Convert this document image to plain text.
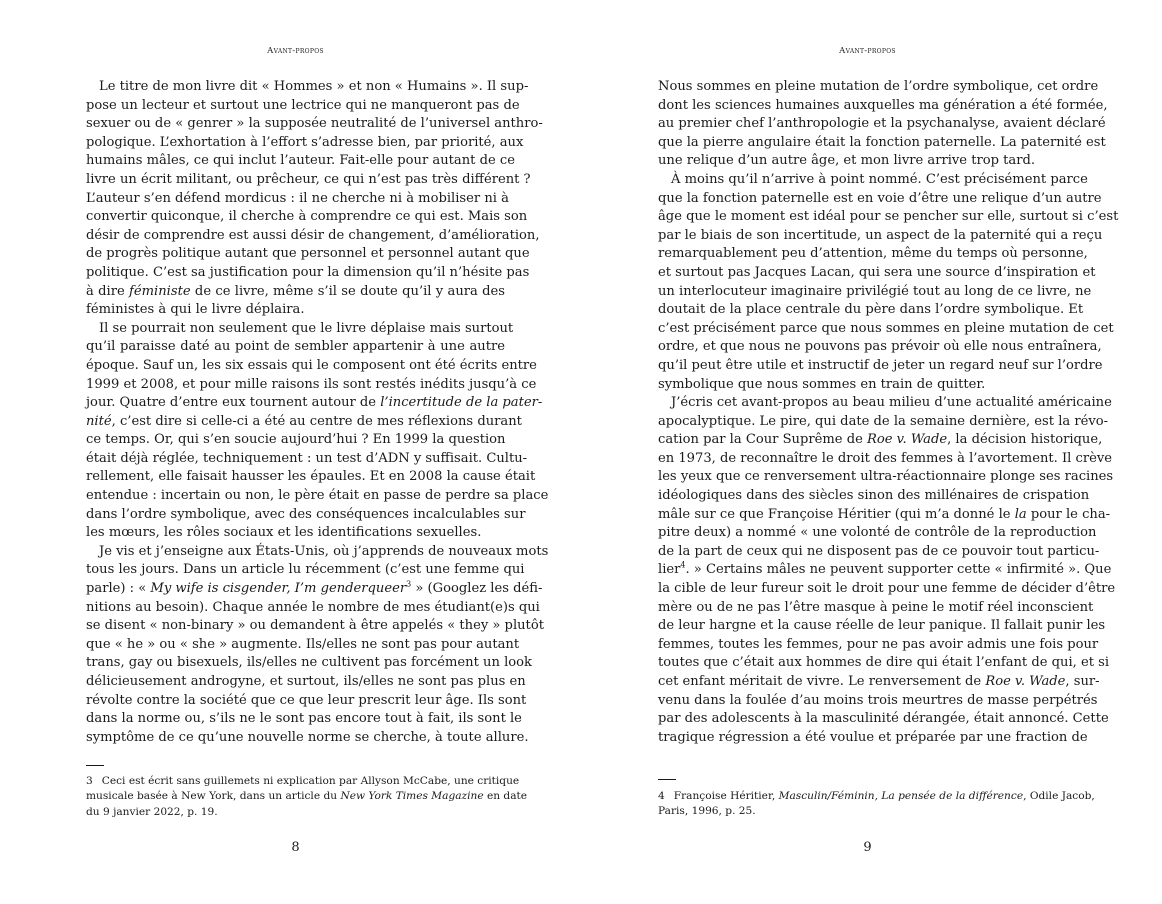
Avant-propos

Le titre de mon livre dit « Hommes » et non « Humains ». Il sup-
pose un lecteur et surtout une lectrice qui ne manqueront pas de
sexuer ou de « genrer » la supposée neutralité de l’universel anthro-
pologique. L’exhortation à l’effort s’adresse bien, par priorité, aux
humains mâles, ce qui inclut l’auteur. Fait-elle pour autant de ce
livre un écrit militant, ou prêcheur, ce qui n’est pas très différent ?
L’auteur s’en défend mordicus : il ne cherche ni à mobiliser ni à
convertir quiconque, il cherche à comprendre ce qui est. Mais son
désir de comprendre est aussi désir de changement, d’amélioration,
de progrès politique autant que personnel et personnel autant que
politique. C’est sa justification pour la dimension qu’il n’hésite pas
à dire féministe de ce livre, même s’il se doute qu’il y aura des
féministes à qui le livre déplaira.

Il se pourrait non seulement que le livre déplaise mais surtout
qu’il paraisse daté au point de sembler appartenir à une autre
époque. Sauf un, les six essais qui le composent ont été écrits entre
1999 et 2008, et pour mille raisons ils sont restés inédits jusqu’à ce
jour. Quatre d’entre eux tournent autour de l’incertitude de la pater-
nité, c’est dire si celle-ci a été au centre de mes réflexions durant
ce temps. Or, qui s’en soucie aujourd’hui ? En 1999 la question
était déjà réglée, techniquement : un test d’ADN y suffisait. Cultu-
rellement, elle faisait hausser les épaules. Et en 2008 la cause était
entendue : incertain ou non, le père était en passe de perdre sa place
dans l’ordre symbolique, avec des conséquences incalculables sur
les mœurs, les rôles sociaux et les identifications sexuelles.

Je vis et j’enseigne aux États-Unis, où j’apprends de nouveaux mots
tous les jours. Dans un article lu récemment (c’est une femme qui
parle) : « My wife is cisgender, I’m genderqueer$^3$ » (Googlez les défi-
nitions au besoin). Chaque année le nombre de mes étudiant(e)s qui
se disent « non-binary » ou demandent à être appelés « they » plutôt
que « he » ou « she » augmente. Ils/elles ne sont pas pour autant
trans, gay ou bisexuels, ils/elles ne cultivent pas forcément un look
délicieusement androgyne, et surtout, ils/elles ne sont pas plus en
révolte contre la société que ce que leur prescrit leur âge. Ils sont
dans la norme ou, s’ils ne le sont pas encore tout à fait, ils sont le
symptôme de ce qu’une nouvelle norme se cherche, à toute allure.

3 Ceci est écrit sans guillemets ni explication par Allyson McCabe, une critique
musicale basée à New York, dans un article du New York Times Magazine en date
du 9 janvier 2022, p. 19.
8
Avant-propos

Nous sommes en pleine mutation de l’ordre symbolique, cet ordre
dont les sciences humaines auxquelles ma génération a été formée,
au premier chef l’anthropologie et la psychanalyse, avaient déclaré
que la pierre angulaire était la fonction paternelle. La paternité est
une relique d’un autre âge, et mon livre arrive trop tard.

À moins qu’il n’arrive à point nommé. C’est précisément parce
que la fonction paternelle est en voie d’être une relique d’un autre
âge que le moment est idéal pour se pencher sur elle, surtout si c’est
par le biais de son incertitude, un aspect de la paternité qui a reçu
remarquablement peu d’attention, même du temps où personne,
et surtout pas Jacques Lacan, qui sera une source d’inspiration et
un interlocuteur imaginaire privilégié tout au long de ce livre, ne
doutait de la place centrale du père dans l’ordre symbolique. Et
c’est précisément parce que nous sommes en pleine mutation de cet
ordre, et que nous ne pouvons pas prévoir où elle nous entraînera,
qu’il peut être utile et instructif de jeter un regard neuf sur l’ordre
symbolique que nous sommes en train de quitter.

J’écris cet avant-propos au beau milieu d’une actualité américaine
apocalyptique. Le pire, qui date de la semaine dernière, est la révo-
cation par la Cour Suprême de Roe v. Wade, la décision historique,
en 1973, de reconnaître le droit des femmes à l’avortement. Il crève
les yeux que ce renversement ultra-réactionnaire plonge ses racines
idéologiques dans des siècles sinon des millénaires de crispation
mâle sur ce que Françoise Héritier (qui m’a donné le la pour le cha-
pitre deux) a nommé « une volonté de contrôle de la reproduction
de la part de ceux qui ne disposent pas de ce pouvoir tout particu-
lier$^4$. » Certains mâles ne peuvent supporter cette « infirmité ». Que
la cible de leur fureur soit le droit pour une femme de décider d’être
mère ou de ne pas l’être masque à peine le motif réel inconscient
de leur hargne et la cause réelle de leur panique. Il fallait punir les
femmes, toutes les femmes, pour ne pas avoir admis une fois pour
toutes que c’était aux hommes de dire qui était l’enfant de qui, et si
cet enfant méritait de vivre. Le renversement de Roe v. Wade, sur-
venu dans la foulée d’au moins trois meurtres de masse perpétrés
par des adolescents à la masculinité dérangée, était annoncé. Cette
tragique régression a été voulue et préparée par une fraction de

4 Françoise Héritier, Masculin/Féminin, La pensée de la différence, Odile Jacob,
Paris, 1996, p. 25.
9
